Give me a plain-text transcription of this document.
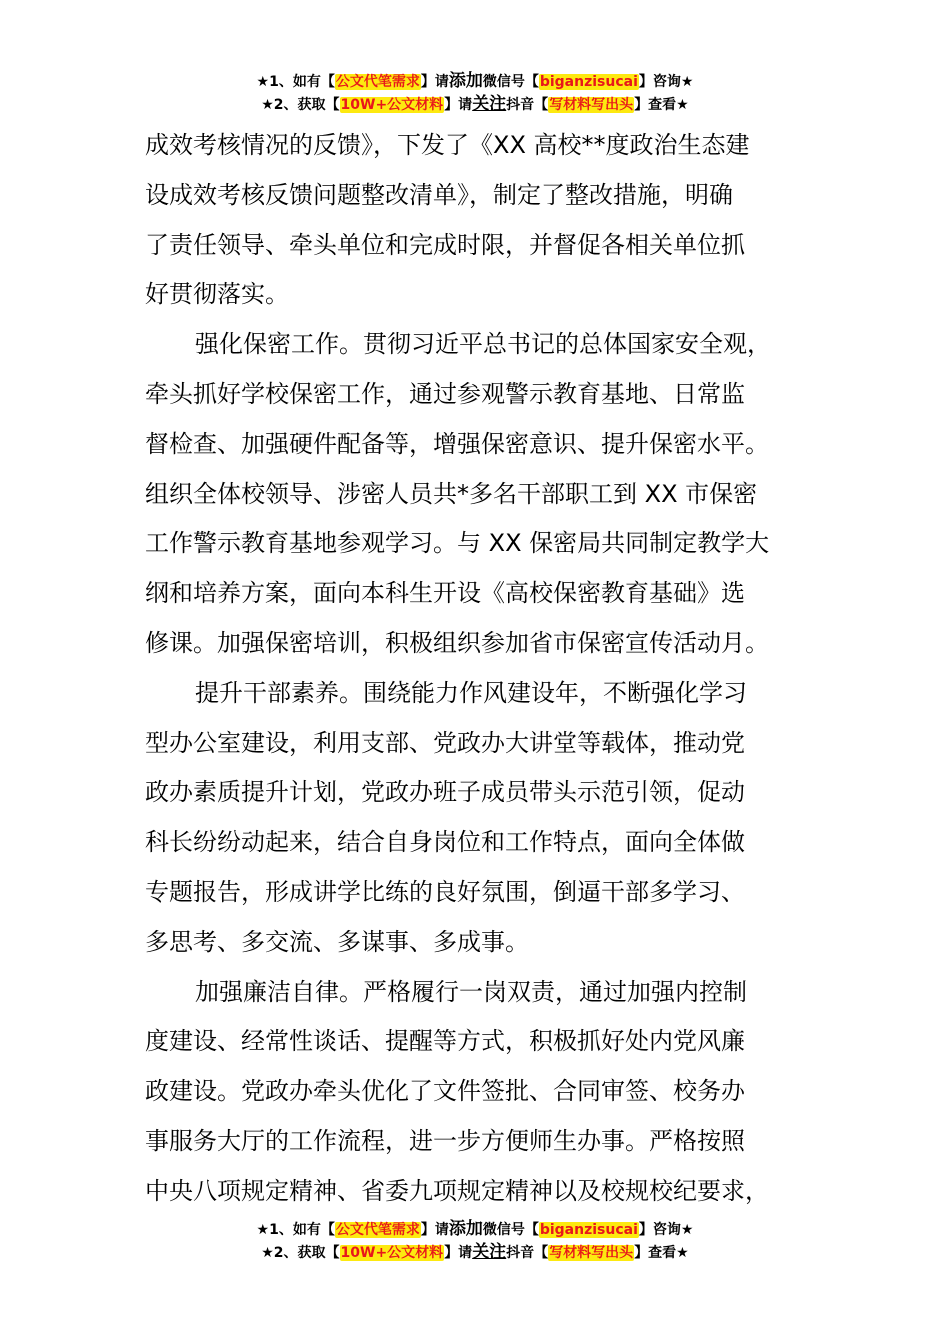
★1、如有【公文代笔需求】请添加微信号【biganzisucai】咨询★
★2、获取【10W+公文材料】请关注抖音【写材料写出头】查看★

成效考核情况的反馈》，下发了《XX 高校**度政治生态建
设成效考核反馈问题整改清单》，制定了整改措施，明确
了责任领导、牵头单位和完成时限，并督促各相关单位抓
好贯彻落实。

强化保密工作。贯彻习近平总书记的总体国家安全观，
牵头抓好学校保密工作，通过参观警示教育基地、日常监
督检查、加强硬件配备等，增强保密意识、提升保密水平。
组织全体校领导、涉密人员共*多名干部职工到 XX 市保密
工作警示教育基地参观学习。与 XX 保密局共同制定教学大
纲和培养方案，面向本科生开设《高校保密教育基础》选
修课。加强保密培训，积极组织参加省市保密宣传活动月。

提升干部素养。围绕能力作风建设年，不断强化学习
型办公室建设，利用支部、党政办大讲堂等载体，推动党
政办素质提升计划，党政办班子成员带头示范引领，促动
科长纷纷动起来，结合自身岗位和工作特点，面向全体做
专题报告，形成讲学比练的良好氛围，倒逼干部多学习、
多思考、多交流、多谋事、多成事。

加强廉洁自律。严格履行一岗双责，通过加强内控制
度建设、经常性谈话、提醒等方式，积极抓好处内党风廉
政建设。党政办牵头优化了文件签批、合同审签、校务办
事服务大厅的工作流程，进一步方便师生办事。严格按照
中央八项规定精神、省委九项规定精神以及校规校纪要求，

★1、如有【公文代笔需求】请添加微信号【biganzisucai】咨询★
★2、获取【10W+公文材料】请关注抖音【写材料写出头】查看★
